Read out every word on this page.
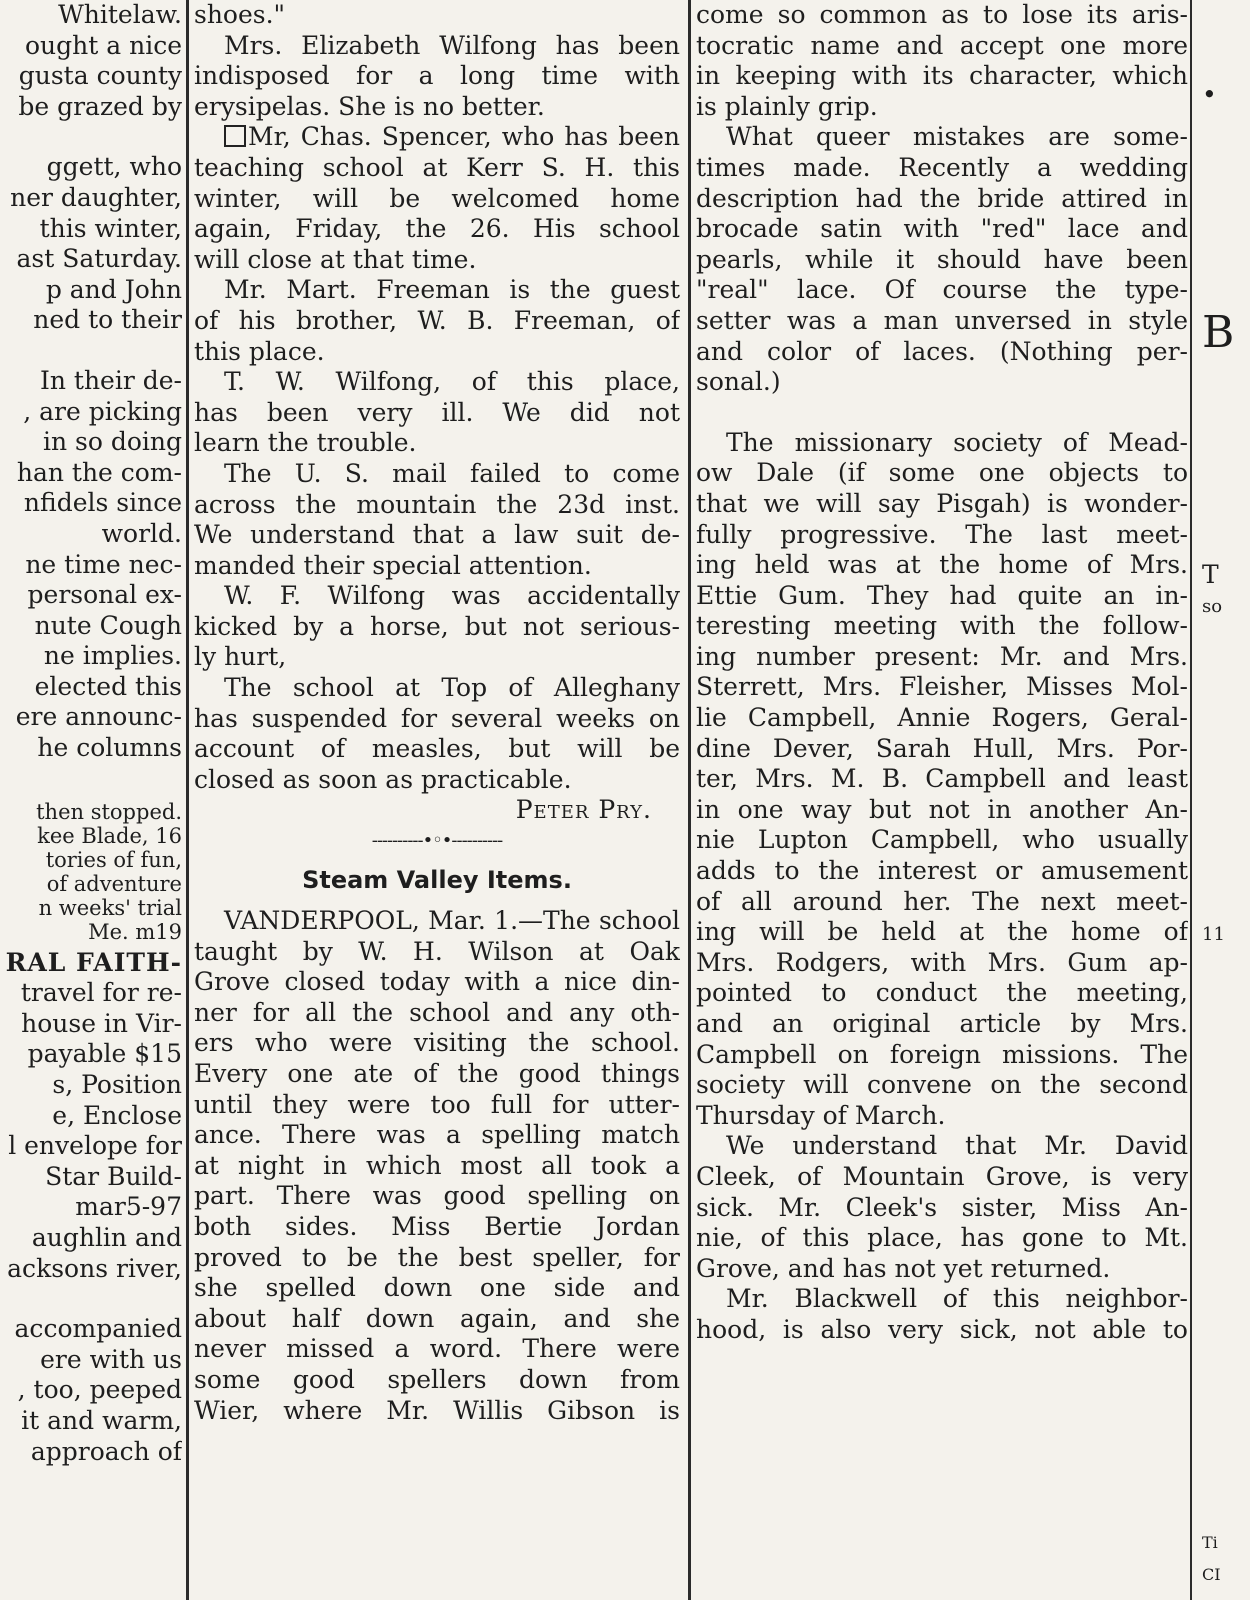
Whitelaw.
ought a nice
gusta county
be grazed by
ggett, who
ner daughter,
this winter,
ast Saturday.
p and John
ned to their
In their de-
, are picking
in so doing
han the com-
nfidels since
world.
ne time nec-
personal ex-
nute Cough
ne implies.
elected this
ere announc-
he columns
then stopped.
kee Blade, 16
tories of fun,
of adventure
n weeks' trial
Me. m19
RAL FAITH-
travel for re-
house in Vir-
payable $15
s, Position
e, Enclose
l envelope for
Star Build-
mar5-97
aughlin and
acksons river,
accompanied
ere with us
, too, peeped
it and warm,
approach of
shoes."
Mrs. Elizabeth Wilfong has been
indisposed for a long time with
erysipelas. She is no better.
Mr, Chas. Spencer, who has been
teaching school at Kerr S. H. this
winter, will be welcomed home
again, Friday, the 26. His school
will close at that time.
Mr. Mart. Freeman is the guest
of his brother, W. B. Freeman, of
this place.
T. W. Wilfong, of this place,
has been very ill. We did not
learn the trouble.
The U. S. mail failed to come
across the mountain the 23d inst.
We understand that a law suit de-
manded their special attention.
W. F. Wilfong was accidentally
kicked by a horse, but not serious-
ly hurt,
The school at Top of Alleghany
has suspended for several weeks on
account of measles, but will be
closed as soon as practicable.
Peter Pry.
----------•◦•----------
Steam Valley Items.
VANDERPOOL, Mar. 1.—The school
taught by W. H. Wilson at Oak
Grove closed today with a nice din-
ner for all the school and any oth-
ers who were visiting the school.
Every one ate of the good things
until they were too full for utter-
ance. There was a spelling match
at night in which most all took a
part. There was good spelling on
both sides. Miss Bertie Jordan
proved to be the best speller, for
she spelled down one side and
about half down again, and she
never missed a word. There were
some good spellers down from
Wier, where Mr. Willis Gibson is
come so common as to lose its aris-
tocratic name and accept one more
in keeping with its character, which
is plainly grip.
What queer mistakes are some-
times made. Recently a wedding
description had the bride attired in
brocade satin with "red" lace and
pearls, while it should have been
"real" lace. Of course the type-
setter was a man unversed in style
and color of laces. (Nothing per-
sonal.)
The missionary society of Mead-
ow Dale (if some one objects to
that we will say Pisgah) is wonder-
fully progressive. The last meet-
ing held was at the home of Mrs.
Ettie Gum. They had quite an in-
teresting meeting with the follow-
ing number present: Mr. and Mrs.
Sterrett, Mrs. Fleisher, Misses Mol-
lie Campbell, Annie Rogers, Geral-
dine Dever, Sarah Hull, Mrs. Por-
ter, Mrs. M. B. Campbell and least
in one way but not in another An-
nie Lupton Campbell, who usually
adds to the interest or amusement
of all around her. The next meet-
ing will be held at the home of
Mrs. Rodgers, with Mrs. Gum ap-
pointed to conduct the meeting,
and an original article by Mrs.
Campbell on foreign missions. The
society will convene on the second
Thursday of March.
We understand that Mr. David
Cleek, of Mountain Grove, is very
sick. Mr. Cleek's sister, Miss An-
nie, of this place, has gone to Mt.
Grove, and has not yet returned.
Mr. Blackwell of this neighbor-
hood, is also very sick, not able to
•
B
T
so
11
Ti
CI
